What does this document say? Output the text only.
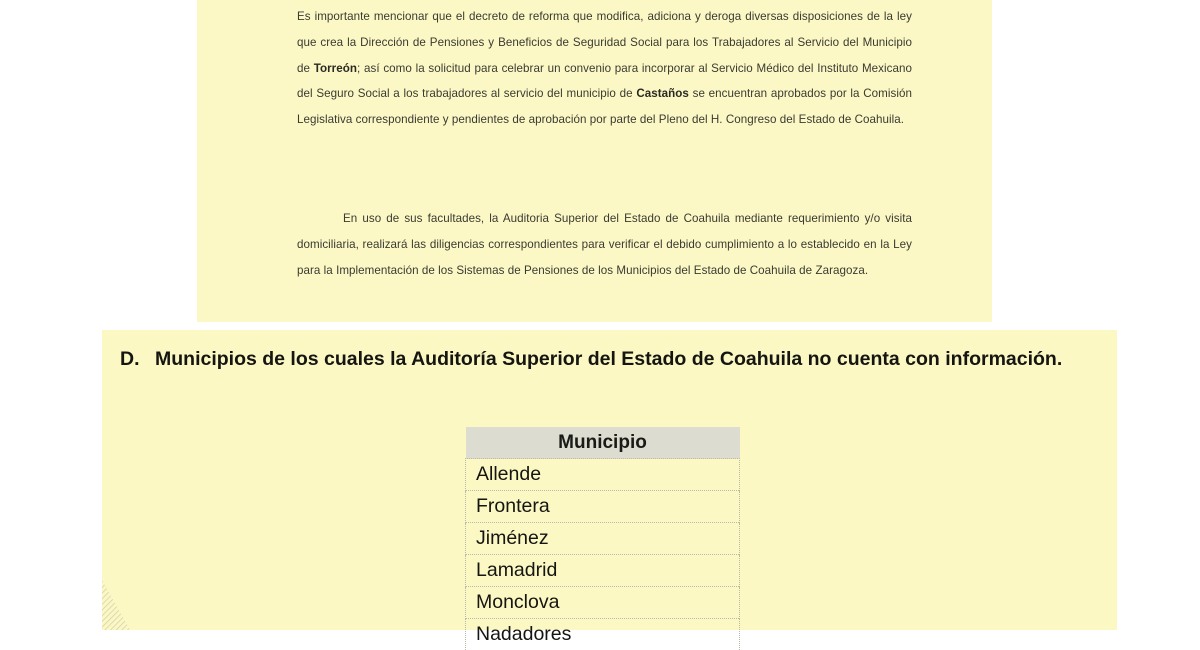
Es importante mencionar que el decreto de reforma que modifica, adiciona y deroga diversas disposiciones de la ley que crea la Dirección de Pensiones y Beneficios de Seguridad Social para los Trabajadores al Servicio del Municipio de Torreón; así como la solicitud para celebrar un convenio para incorporar al Servicio Médico del Instituto Mexicano del Seguro Social a los trabajadores al servicio del municipio de Castaños se encuentran aprobados por la Comisión Legislativa correspondiente y pendientes de aprobación por parte del Pleno del H. Congreso del Estado de Coahuila.

En uso de sus facultades, la Auditoria Superior del Estado de Coahuila mediante requerimiento y/o visita domiciliaria, realizará las diligencias correspondientes para verificar el debido cumplimiento a lo establecido en la Ley para la Implementación de los Sistemas de Pensiones de los Municipios del Estado de Coahuila de Zaragoza.

D. Municipios de los cuales la Auditoría Superior del Estado de Coahuila no cuenta con información.
Municipio
Allende
Frontera
Jiménez
Lamadrid
Monclova
Nadadores
